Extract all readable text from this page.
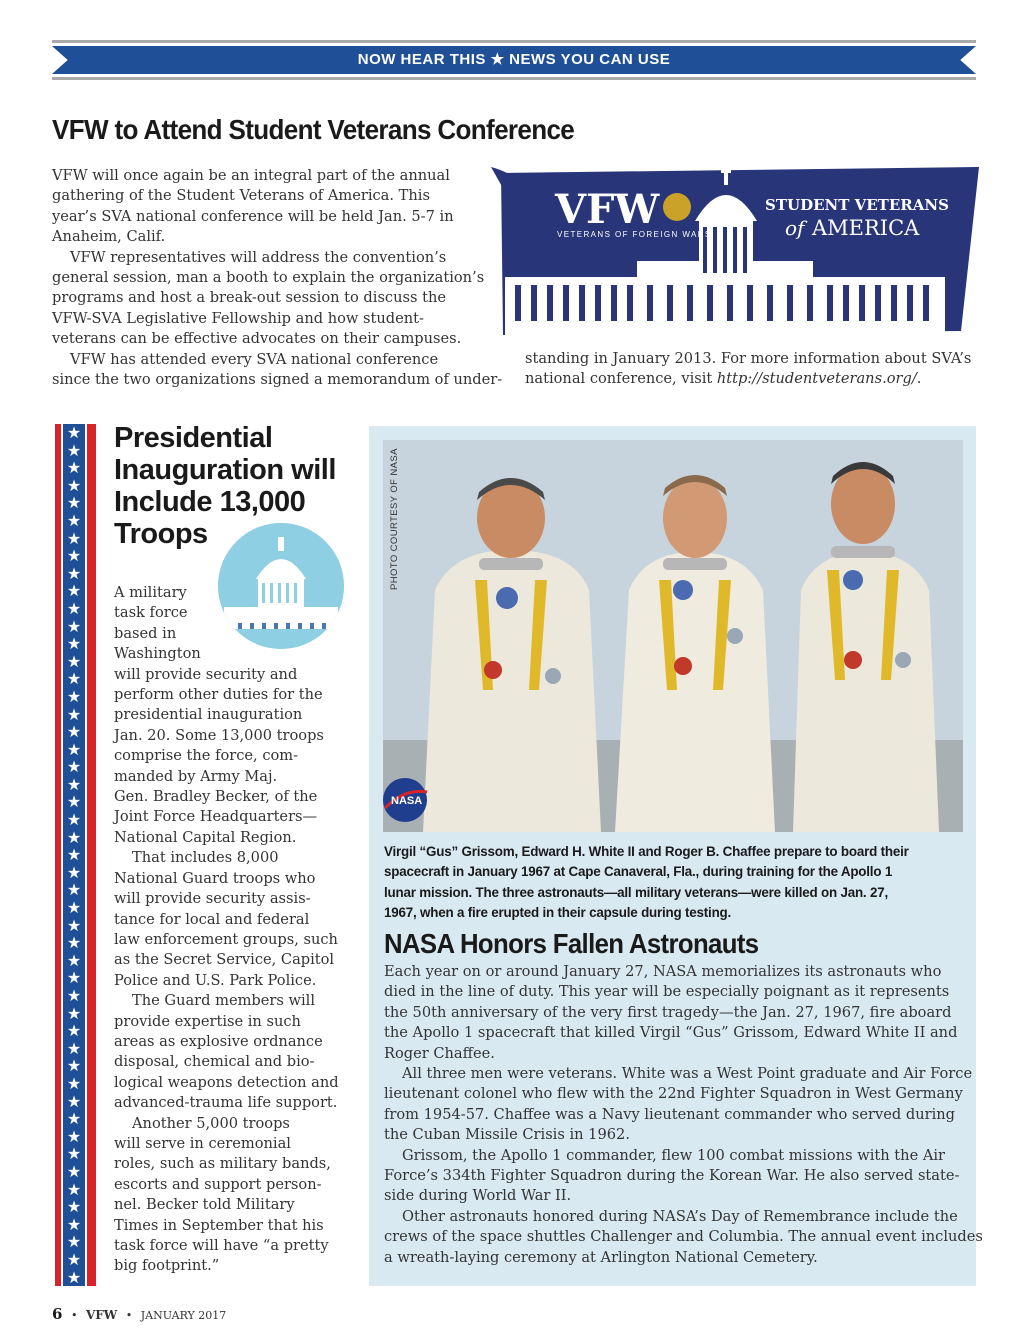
NOW HEAR THIS ★ NEWS YOU CAN USE
VFW to Attend Student Veterans Conference
VFW will once again be an integral part of the annual
gathering of the Student Veterans of America. This
year’s SVA national conference will be held Jan. 5-7 in
Anaheim, Calif.
VFW representatives will address the convention’s
general session, man a booth to explain the organization’s
programs and host a break-out session to discuss the
VFW-SVA Legislative Fellowship and how student-
veterans can be effective advocates on their campuses.
VFW has attended every SVA national conference
since the two organizations signed a memorandum of under-
standing in January 2013. For more information about SVA’s
national conference, visit http://studentveterans.org/.
VFW
VETERANS OF FOREIGN WARS
STUDENT VETERANS
of AMERICA
★
★
★
★
★
★
★
★
★
★
★
★
★
★
★
★
★
★
★
★
★
★
★
★
★
★
★
★
★
★
★
★
★
★
★
★
★
★
★
★
★
★
★
★
★
★
★
★
★

Presidential Inauguration will Include 13,000 Troops
A military
task force
based in
Washington
will provide security and
perform other duties for the
presidential inauguration
Jan. 20. Some 13,000 troops
comprise the force, com-
manded by Army Maj.
Gen. Bradley Becker, of the
Joint Force Headquarters—
National Capital Region.
That includes 8,000
National Guard troops who
will provide security assis-
tance for local and federal
law enforcement groups, such
as the Secret Service, Capitol
Police and U.S. Park Police.
The Guard members will
provide expertise in such
areas as explosive ordnance
disposal, chemical and bio-
logical weapons detection and
advanced-trauma life support.
Another 5,000 troops
will serve in ceremonial
roles, such as military bands,
escorts and support person-
nel. Becker told Military
Times in September that his
task force will have “a pretty
big footprint.”
NASA
PHOTO COURTESY OF NASA
Virgil “Gus” Grissom, Edward H. White II and Roger B. Chaffee prepare to board their
spacecraft in January 1967 at Cape Canaveral, Fla., during training for the Apollo 1
lunar mission. The three astronauts—all military veterans—were killed on Jan. 27,
1967, when a fire erupted in their capsule during testing.
NASA Honors Fallen Astronauts
Each year on or around January 27, NASA memorializes its astronauts who
died in the line of duty. This year will be especially poignant as it represents
the 50th anniversary of the very first tragedy—the Jan. 27, 1967, fire aboard
the Apollo 1 spacecraft that killed Virgil “Gus” Grissom, Edward White II and
Roger Chaffee.
All three men were veterans. White was a West Point graduate and Air Force
lieutenant colonel who flew with the 22nd Fighter Squadron in West Germany
from 1954-57. Chaffee was a Navy lieutenant commander who served during
the Cuban Missile Crisis in 1962.
Grissom, the Apollo 1 commander, flew 100 combat missions with the Air
Force’s 334th Fighter Squadron during the Korean War. He also served state-
side during World War II.
Other astronauts honored during NASA’s Day of Remembrance include the
crews of the space shuttles Challenger and Columbia. The annual event includes
a wreath-laying ceremony at Arlington National Cemetery.
6 • VFW • JANUARY 2017
